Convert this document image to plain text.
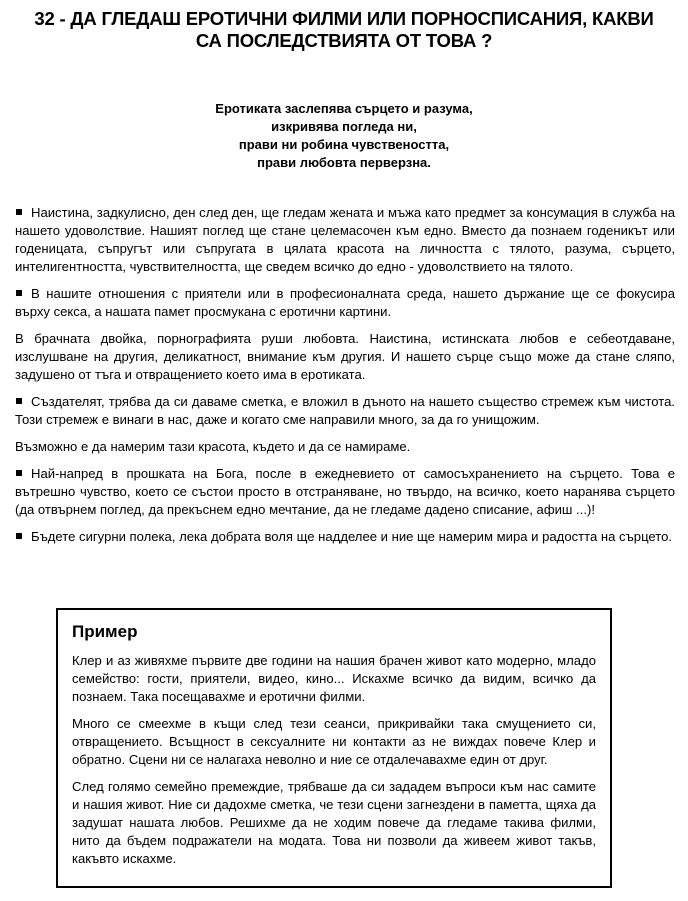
32 - ДА ГЛЕДАШ ЕРОТИЧНИ ФИЛМИ ИЛИ ПОРНОСПИСАНИЯ, КАКВИ
СА ПОСЛЕДСТВИЯТА ОТ ТОВА ?
Еротиката заслепява сърцето и разума,
изкривява погледа ни,
прави ни робина чувствеността,
прави любовта перверзна.

Наистина, задкулисно, ден след ден, ще гледам жената и мъжа като предмет за консумация в служба на нашето удоволствие. Нашият поглед ще стане целемасочен към едно. Вместо да познаем годеникът или годеницата, съпругът или съпругата в цялата красота на личността с тялото, разума, сърцето, интелигентността, чувствителността, ще сведем всичко до едно - удоволствието на тялото.

В нашите отношения с приятели или в професионалната среда, нашето държание ще се фокусира върху секса, а нашата памет просмукана с еротични картини.

В брачната двойка, порнографията руши любовта. Наистина, истинската любов е себеотдаване, изслушване на другия, деликатност, внимание към другия. И нашето сърце също може да стане сляпо, задушено от тъга и отвращението което има в еротиката.

Създателят, трябва да си даваме сметка, е вложил в дъното на нашето същество стремеж към чистота. Този стремеж е винаги в нас, даже и когато сме направили много, за да го унищожим.

Възможно е да намерим тази красота, където и да се намираме.

Най-напред в прошката на Бога, после в ежедневието от самосъхранението на сърцето. Това е вътрешно чувство, което се състои просто в отстраняване, но твърдо, на всичко, което наранява сърцето (да отвърнем поглед, да прекъснем едно мечтание, да не гледаме дадено списание, афиш ...)!

Бъдете сигурни полека, лека добрата воля ще надделее и ние ще намерим мира и радостта на сърцето.

Пример

Клер и аз живяхме първите две години на нашия брачен живот като модерно, младо семейство: гости, приятели, видео, кино... Искахме всичко да видим, всичко да познаем. Така посещавахме и еротични филми.

Много се смеехме в къщи след тези сеанси, прикривайки така смущението си, отвращението. Всъщност в сексуалните ни контакти аз не виждах повече Клер и обратно. Сцени ни се налагаха неволно и ние се отдалечавахме един от друг.

След голямо семейно премеждие, трябваше да си зададем въпроси към нас самите и нашия живот. Ние си дадохме сметка, че тези сцени загнездени в паметта, щяха да задушат нашата любов. Решихме да не ходим повече да гледаме такива филми, нито да бъдем подражатели на модата. Това ни позволи да живеем живот такъв, какъвто искахме.
